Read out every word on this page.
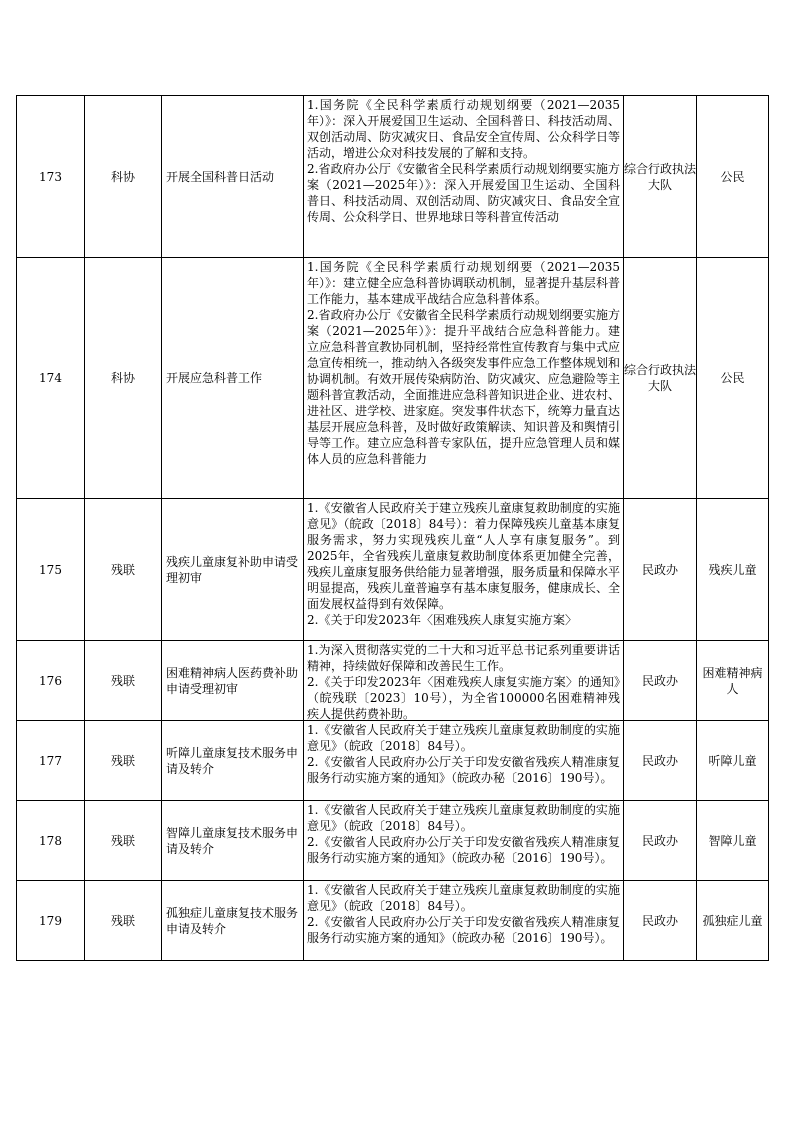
173	科协	开展全国科普日活动	1.国务院《全民科学素质行动规划纲要（2021—2035年）》：深入开展爱国卫生运动、全国科普日、科技活动周、双创活动周、防灾减灾日、食品安全宣传周、公众科学日等活动，增进公众对科技发展的了解和支持。

2.省政府办公厅《安徽省全民科学素质行动规划纲要实施方案（2021—2025年）》：深入开展爱国卫生运动、全国科普日、科技活动周、双创活动周、防灾减灾日、食品安全宣传周、公众科学日、世界地球日等科普宣传活动	综合行政执法大队	公民
174	科协	开展应急科普工作	1.国务院《全民科学素质行动规划纲要（2021—2035年）》：建立健全应急科普协调联动机制，显著提升基层科普工作能力，基本建成平战结合应急科普体系。

2.省政府办公厅《安徽省全民科学素质行动规划纲要实施方案（2021—2025年）》：提升平战结合应急科普能力。建立应急科普宣教协同机制，坚持经常性宣传教育与集中式应急宣传相统一，推动纳入各级突发事件应急工作整体规划和协调机制。有效开展传染病防治、防灾减灾、应急避险等主题科普宣教活动，全面推进应急科普知识进企业、进农村、进社区、进学校、进家庭。突发事件状态下，统筹力量直达基层开展应急科普，及时做好政策解读、知识普及和舆情引导等工作。建立应急科普专家队伍，提升应急管理人员和媒体人员的应急科普能力	综合行政执法大队	公民
175	残联	残疾儿童康复补助申请受理初审	1.《安徽省人民政府关于建立残疾儿童康复救助制度的实施意见》（皖政〔2018〕84号）：着力保障残疾儿童基本康复服务需求，努力实现残疾儿童“人人享有康复服务”。到2025年，全省残疾儿童康复救助制度体系更加健全完善，残疾儿童康复服务供给能力显著增强，服务质量和保障水平明显提高，残疾儿童普遍享有基本康复服务，健康成长、全面发展权益得到有效保障。

2.《关于印发2023年〈困难残疾人康复实施方案〉	民政办	残疾儿童
176	残联	困难精神病人医药费补助申请受理初审	1.为深入贯彻落实党的二十大和习近平总书记系列重要讲话精神，持续做好保障和改善民生工作。

2.《关于印发2023年〈困难残疾人康复实施方案〉的通知》（皖残联〔2023〕10号），为全省100000名困难精神残疾人提供药费补助。	民政办	困难精神病人
177	残联	听障儿童康复技术服务申请及转介	1.《安徽省人民政府关于建立残疾儿童康复救助制度的实施意见》（皖政〔2018〕84号）。

2.《安徽省人民政府办公厅关于印发安徽省残疾人精准康复服务行动实施方案的通知》（皖政办秘〔2016〕190号）。	民政办	听障儿童
178	残联	智障儿童康复技术服务申请及转介	1.《安徽省人民政府关于建立残疾儿童康复救助制度的实施意见》（皖政〔2018〕84号）。

2.《安徽省人民政府办公厅关于印发安徽省残疾人精准康复服务行动实施方案的通知》（皖政办秘〔2016〕190号）。	民政办	智障儿童
179	残联	孤独症儿童康复技术服务申请及转介	1.《安徽省人民政府关于建立残疾儿童康复救助制度的实施意见》（皖政〔2018〕84号）。

2.《安徽省人民政府办公厅关于印发安徽省残疾人精准康复服务行动实施方案的通知》（皖政办秘〔2016〕190号）。	民政办	孤独症儿童
